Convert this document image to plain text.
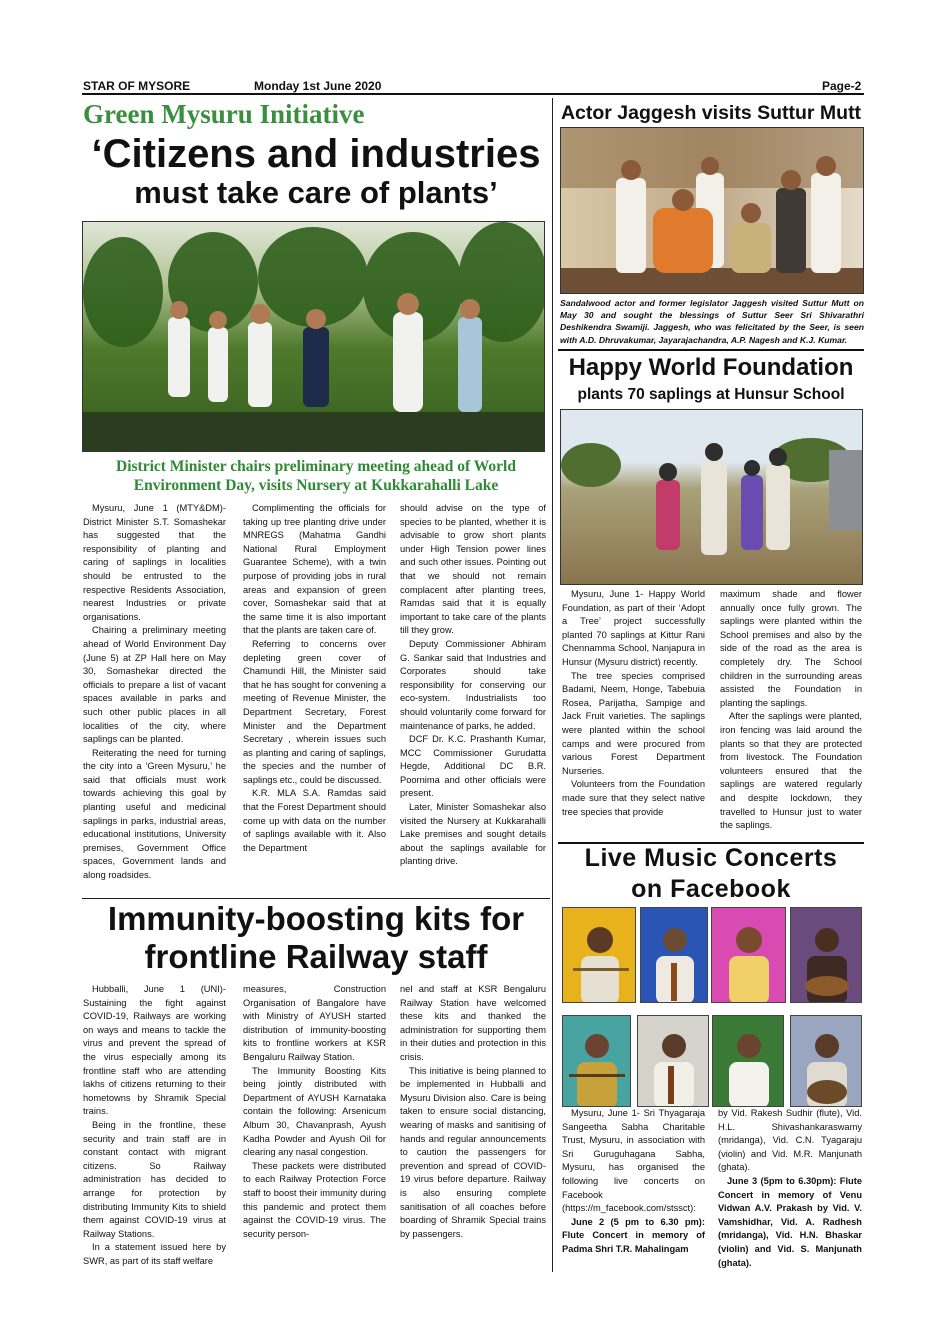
STAR OF MYSORE	Monday 1st June 2020	Page-2
Green Mysuru Initiative
‘Citizens and industries
must take care of plants’
District Minister chairs preliminary meeting ahead of World
Environment Day, visits Nursery at Kukkarahalli Lake

Mysuru, June 1 (MTY&DM)- District Minister S.T. Somashekar has suggested that the responsibility of planting and caring of saplings in localities should be entrusted to the respective Residents Association, nearest Industries or private organisations.

Chairing a preliminary meeting ahead of World Environment Day (June 5) at ZP Hall here on May 30, Somashekar directed the officials to prepare a list of vacant spaces available in parks and such other public places in all localities of the city, where saplings can be planted.

Reiterating the need for turning the city into a ‘Green Mysuru,’ he said that officials must work towards achieving this goal by planting useful and medicinal saplings in parks, industrial areas, educational institutions, University premises, Government Office spaces, Government lands and along roadsides.

Complimenting the officials for taking up tree planting drive under MNREGS (Mahatma Gandhi National Rural Employment Guarantee Scheme), with a twin purpose of providing jobs in rural areas and expansion of green cover, Somashekar said that at the same time it is also important that the plants are taken care of.

Referring to concerns over depleting green cover of Chamundi Hill, the Minister said that he has sought for convening a meeting of Revenue Minister, the Department Secretary, Forest Minister and the Department Secretary , wherein issues such as planting and caring of saplings, the species and the number of saplings etc., could be discussed.

K.R. MLA S.A. Ramdas said that the Forest Department should come up with data on the number of saplings available with it. Also the Department

should advise on the type of species to be planted, whether it is advisable to grow short plants under High Tension power lines and such other issues. Pointing out that we should not remain complacent after planting trees, Ramdas said that it is equally important to take care of the plants till they grow.

Deputy Commissioner Abhiram G. Sankar said that Industries and Corporates should take responsibility for conserving our eco-system. Industrialists too should voluntarily come forward for maintenance of parks, he added.

DCF Dr. K.C. Prashanth Kumar, MCC Commissioner Gurudatta Hegde, Additional DC B.R. Poornima and other officials were present.

Later, Minister Somashekar also visited the Nursery at Kukkarahalli Lake premises and sought details about the saplings available for planting drive.

Immunity-boosting kits for
frontline Railway staff

Hubballi, June 1 (UNI)-Sustaining the fight against COVID-19, Railways are working on ways and means to tackle the virus and prevent the spread of the virus especially among its frontline staff who are attending lakhs of citizens returning to their hometowns by Shramik Special trains.

Being in the frontline, these security and train staff are in constant contact with migrant citizens. So Railway administration has decided to arrange for protection by distributing Immunity Kits to shield them against COVID-19 virus at Railway Stations.

In a statement issued here by SWR, as part of its staff welfare

measures, Construction Organisation of Bangalore have with Ministry of AYUSH started distribution of immunity-boosting kits to frontline workers at KSR Bengaluru Railway Station.

The Immunity Boosting Kits being jointly distributed with Department of AYUSH Karnataka contain the following: Arsenicum Album 30, Chavanprash, Ayush Kadha Powder and Ayush Oil for clearing any nasal congestion.

These packets were distributed to each Railway Protection Force staff to boost their immunity during this pandemic and protect them against the COVID-19 virus. The security person-

nel and staff at KSR Bengaluru Railway Station have welcomed these kits and thanked the administration for supporting them in their duties and protection in this crisis.

This initiative is being planned to be implemented in Hubballi and Mysuru Division also. Care is being taken to ensure social distancing, wearing of masks and sanitising of hands and regular announcements to caution the passengers for prevention and spread of COVID-19 virus before departure. Railway is also ensuring complete sanitisation of all coaches before boarding of Shramik Special trains by passengers.

Actor Jaggesh visits Suttur Mutt
Sandalwood actor and former legislator Jaggesh visited Suttur Mutt on May 30 and sought the blessings of Suttur Seer Sri Shivarathri Deshikendra Swamiji. Jaggesh, who was felicitated by the Seer, is seen with A.D. Dhruvakumar, Jayarajachandra, A.P. Nagesh and K.J. Kumar.
Happy World Foundation
plants 70 saplings at Hunsur School

Mysuru, June 1- Happy World Foundation, as part of their ‘Adopt a Tree’ project successfully planted 70 saplings at Kittur Rani Chennamma School, Nanjapura in Hunsur (Mysuru district) recently.

The tree species comprised Badami, Neem, Honge, Tabebuia Rosea, Parijatha, Sampige and Jack Fruit varieties. The saplings were planted within the school camps and were procured from various Forest Department Nurseries.

Volunteers from the Foundation made sure that they select native tree species that provide

maximum shade and flower annually once fully grown. The saplings were planted within the School premises and also by the side of the road as the area is completely dry. The School children in the surrounding areas assisted the Foundation in planting the saplings.

After the saplings were planted, iron fencing was laid around the plants so that they are protected from livestock. The Foundation volunteers ensured that the saplings are watered regularly and despite lockdown, they travelled to Hunsur just to water the saplings.

Live Music Concerts
on Facebook

Mysuru, June 1- Sri Thyagaraja Sangeetha Sabha Charitable Trust, Mysuru, in association with Sri Guruguhagana Sabha, Mysuru, has organised the following live concerts on Facebook (https://m_facebook.com/stssct):

June 2 (5 pm to 6.30 pm): Flute Concert in memory of Padma Shri T.R. Mahalingam

by Vid. Rakesh Sudhir (flute), Vid. H.L. Shivashankaraswamy (mridanga), Vid. C.N. Tyagaraju (violin) and Vid. M.R. Manjunath (ghata).

June 3 (5pm to 6.30pm): Flute Concert in memory of Venu Vidwan A.V. Prakash by Vid. V. Vamshidhar, Vid. A. Radhesh (mridanga), Vid. H.N. Bhaskar (violin) and Vid. S. Manjunath (ghata).
